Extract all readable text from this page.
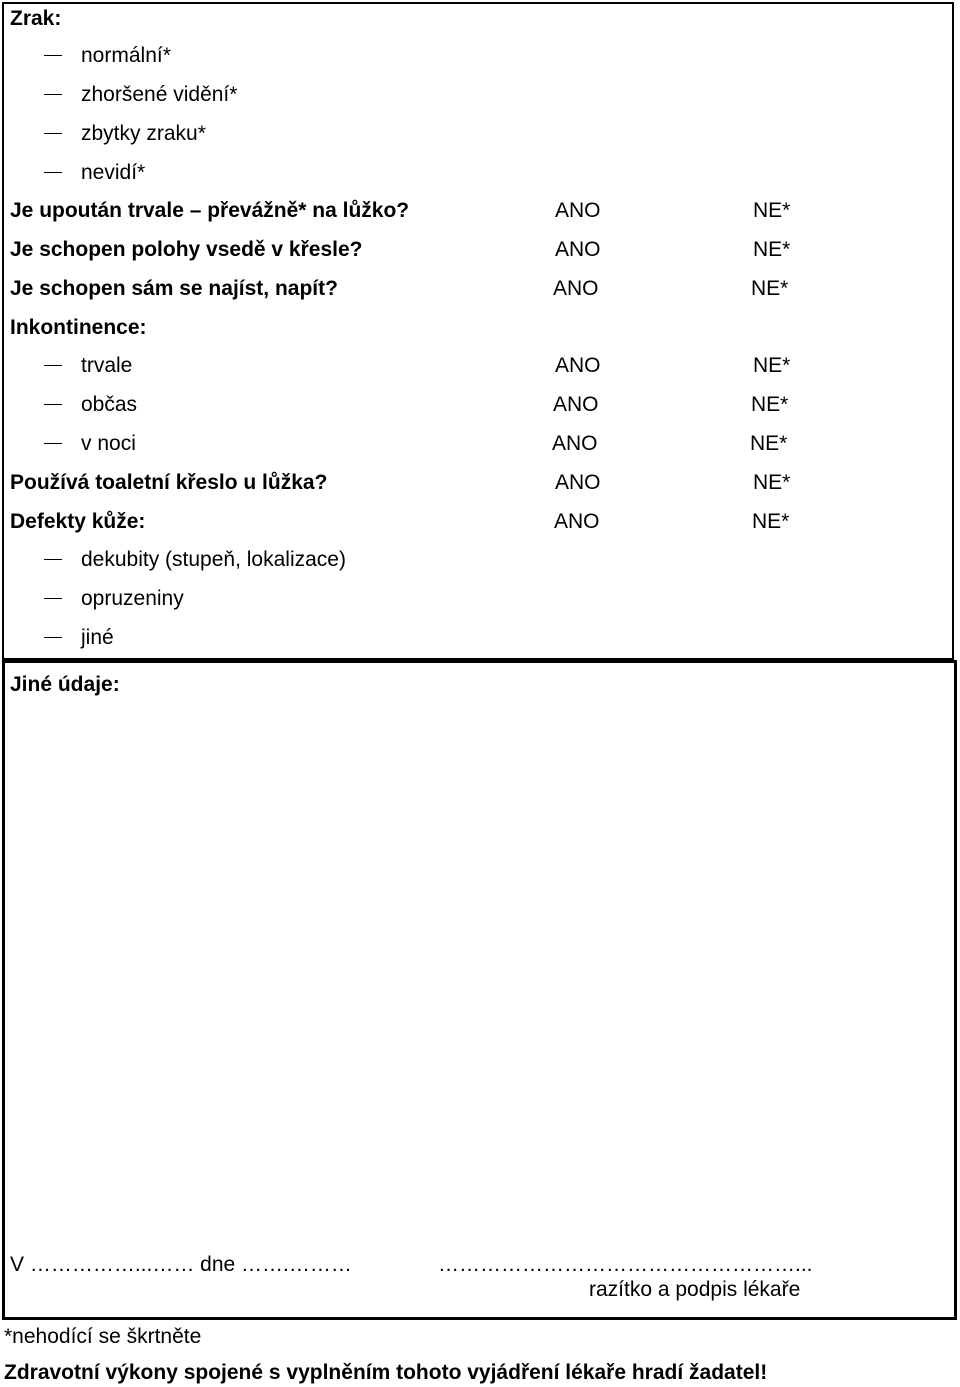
Zrak:
normální*
zhoršené vidění*
zbytky zraku*
nevidí*
Je upoután trvale – převážně* na lůžko?	ANO	NE*
Je schopen polohy vsedě v křesle?	ANO	NE*
Je schopen sám se najíst, napít?	ANO	NE*
Inkontinence:
trvale	ANO	NE*
občas	ANO	NE*
v noci	ANO	NE*
Používá toaletní křeslo u lůžka?	ANO	NE*
Defekty kůže:	ANO	NE*
dekubity (stupeň, lokalizace)
opruzeniny
jiné
Jiné údaje:
V ……………...…… dne …….………	……………………………………………...
razítko a podpis lékaře
*nehodící se škrtněte
Zdravotní výkony spojené s vyplněním tohoto vyjádření lékaře hradí žadatel!
